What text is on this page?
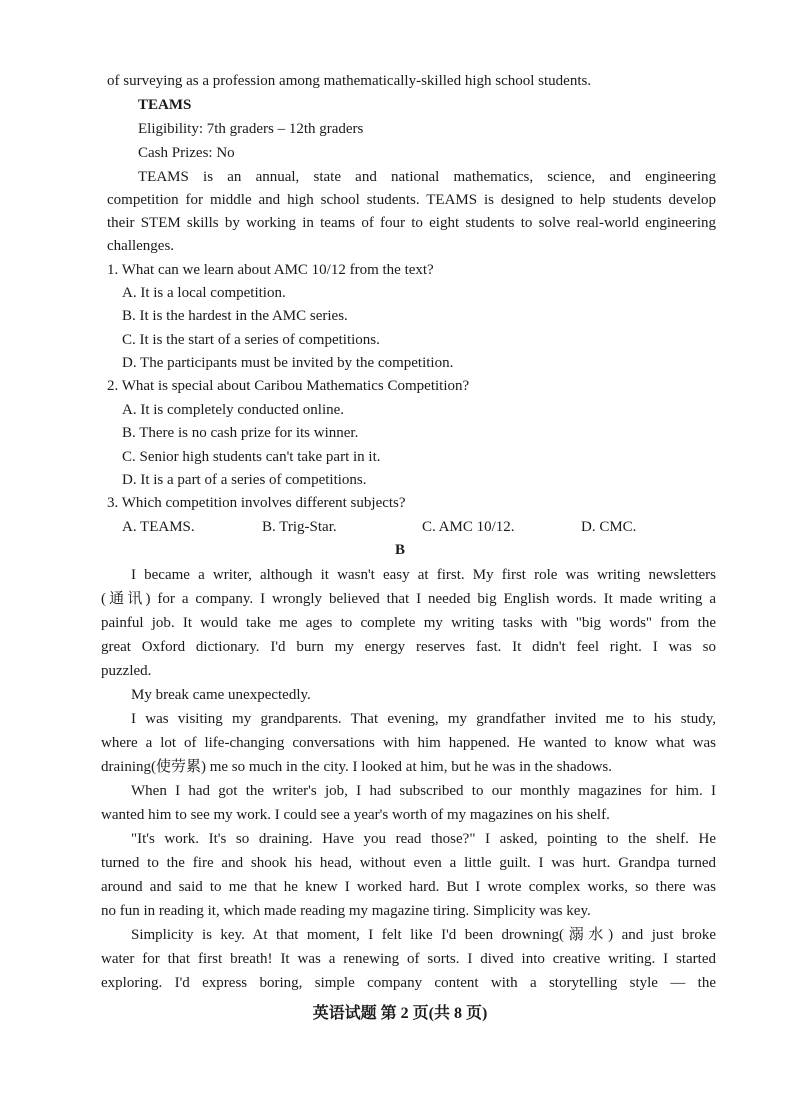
of surveying as a profession among mathematically-skilled high school students.

TEAMS

Eligibility: 7th graders – 12th graders

Cash Prizes: No

TEAMS is an annual, state and national mathematics, science, and engineering

competition for middle and high school students. TEAMS is designed to help students develop

their STEM skills by working in teams of four to eight students to solve real-world engineering

challenges.

1. What can we learn about AMC 10/12 from the text?

A. It is a local competition.

B. It is the hardest in the AMC series.

C. It is the start of a series of competitions.

D. The participants must be invited by the competition.

2. What is special about Caribou Mathematics Competition?

A. It is completely conducted online.

B. There is no cash prize for its winner.

C. Senior high students can't take part in it.

D. It is a part of a series of competitions.

3. Which competition involves different subjects?

A. TEAMS.	B. Trig-Star.	C. AMC 10/12.	D. CMC.

B

I became a writer, although it wasn't easy at first. My first role was writing newsletters

(通讯) for a company. I wrongly believed that I needed big English words. It made writing a

painful job. It would take me ages to complete my writing tasks with "big words" from the

great Oxford dictionary. I'd burn my energy reserves fast. It didn't feel right. I was so

puzzled.

My break came unexpectedly.

I was visiting my grandparents. That evening, my grandfather invited me to his study,

where a lot of life-changing conversations with him happened. He wanted to know what was

draining(使劳累) me so much in the city. I looked at him, but he was in the shadows.

When I had got the writer's job, I had subscribed to our monthly magazines for him. I

wanted him to see my work. I could see a year's worth of my magazines on his shelf.

"It's work. It's so draining. Have you read those?" I asked, pointing to the shelf. He

turned to the fire and shook his head, without even a little guilt. I was hurt. Grandpa turned

around and said to me that he knew I worked hard. But I wrote complex works, so there was

no fun in reading it, which made reading my magazine tiring. Simplicity was key.

Simplicity is key. At that moment, I felt like I'd been drowning(溺水) and just broke

water for that first breath! It was a renewing of sorts. I dived into creative writing. I started

exploring. I'd express boring, simple company content with a storytelling style — the

英语试题 第 2 页(共 8 页)
